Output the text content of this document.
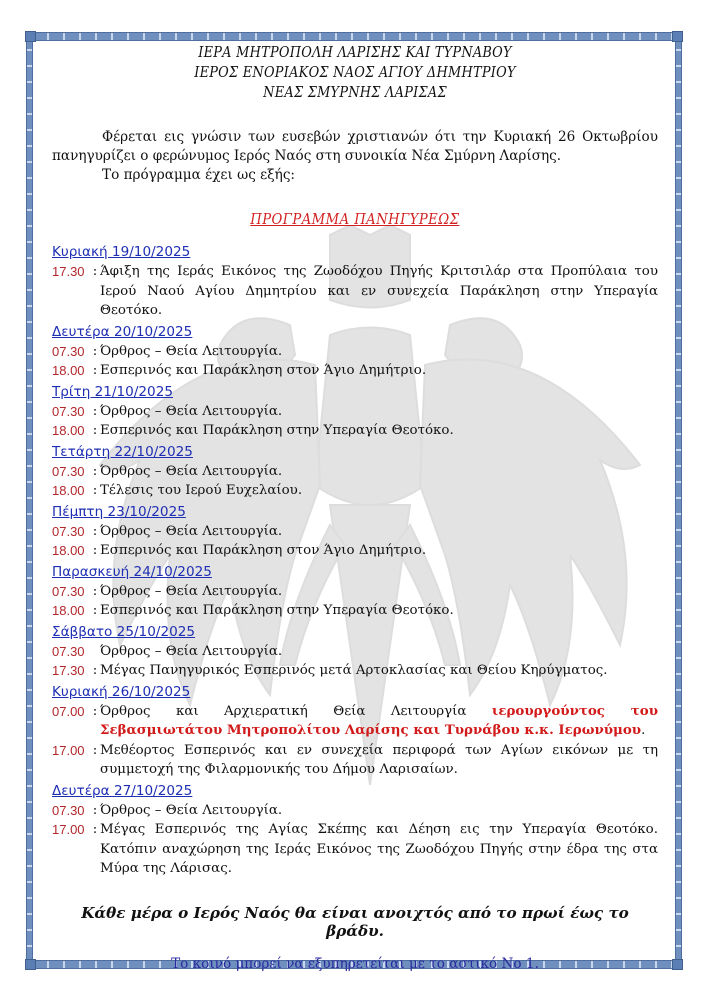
ΙΕΡΑ ΜΗΤΡΟΠΟΛΗ ΛΑΡΙΣΗΣ ΚΑΙ ΤΥΡΝΑΒΟΥ
ΙΕΡΟΣ ΕΝΟΡΙΑΚΟΣ ΝΑΟΣ ΑΓΙΟΥ ΔΗΜΗΤΡΙΟΥ
ΝΕΑΣ ΣΜΥΡΝΗΣ ΛΑΡΙΣΑΣ

Φέρεται εις γνώσιν των ευσεβών χριστιανών ότι την Κυριακή 26 Οκτωβρίου πανηγυρίζει ο φερώνυμος Ιερός Ναός στη συνοικία Νέα Σμύρνη Λαρίσης.

Το πρόγραμμα έχει ως εξής:

ΠΡΟΓΡΑΜΜΑ ΠΑΝΗΓΥΡΕΩΣ
Κυριακή 19/10/2025
17.30 : Άφιξη της Ιεράς Εικόνος της Ζωοδόχου Πηγής Κριτσιλάρ στα Προπύλαια του Ιερού Ναού Αγίου Δημητρίου και εν συνεχεία Παράκληση στην Υπεραγία Θεοτόκο.
Δευτέρα 20/10/2025
07.30 : Όρθρος – Θεία Λειτουργία.
18.00 : Εσπερινός και Παράκληση στον Άγιο Δημήτριο.
Τρίτη 21/10/2025
07.30 : Όρθρος – Θεία Λειτουργία.
18.00 : Εσπερινός και Παράκληση στην Υπεραγία Θεοτόκο.
Τετάρτη 22/10/2025
07.30 : Όρθρος – Θεία Λειτουργία.
18.00 : Τέλεσις του Ιερού Ευχελαίου.
Πέμπτη 23/10/2025
07.30 : Όρθρος – Θεία Λειτουργία.
18.00 : Εσπερινός και Παράκληση στον Άγιο Δημήτριο.
Παρασκευή 24/10/2025
07.30 : Όρθρος – Θεία Λειτουργία.
18.00 : Εσπερινός και Παράκληση στην Υπεραγία Θεοτόκο.
Σάββατο 25/10/2025
07.30	Όρθρος – Θεία Λειτουργία.
17.30 : Μέγας Πανηγυρικός Εσπερινός μετά Αρτοκλασίας και Θείου Κηρύγματος.
Κυριακή 26/10/2025
07.00 : Όρθρος και Αρχιερατική Θεία Λειτουργία ιερουργούντος του Σεβασμιωτάτου Μητροπολίτου Λαρίσης και Τυρνάβου κ.κ. Ιερωνύμου.
17.00 : Μεθέορτος Εσπερινός και εν συνεχεία περιφορά των Αγίων εικόνων με τη συμμετοχή της Φιλαρμονικής του Δήμου Λαρισαίων.
Δευτέρα 27/10/2025
07.30 : Όρθρος – Θεία Λειτουργία.
17.00 : Μέγας Εσπερινός της Αγίας Σκέπης και Δέηση εις την Υπεραγία Θεοτόκο. Κατόπιν αναχώρηση της Ιεράς Εικόνος της Ζωοδόχου Πηγής στην έδρα της στα Μύρα της Λάρισας.
Κάθε μέρα ο Ιερός Ναός θα είναι ανοιχτός από το πρωί έως το βράδυ.
Το κοινό μπορεί να εξυπηρετείται με το αστικό Νο 1.
